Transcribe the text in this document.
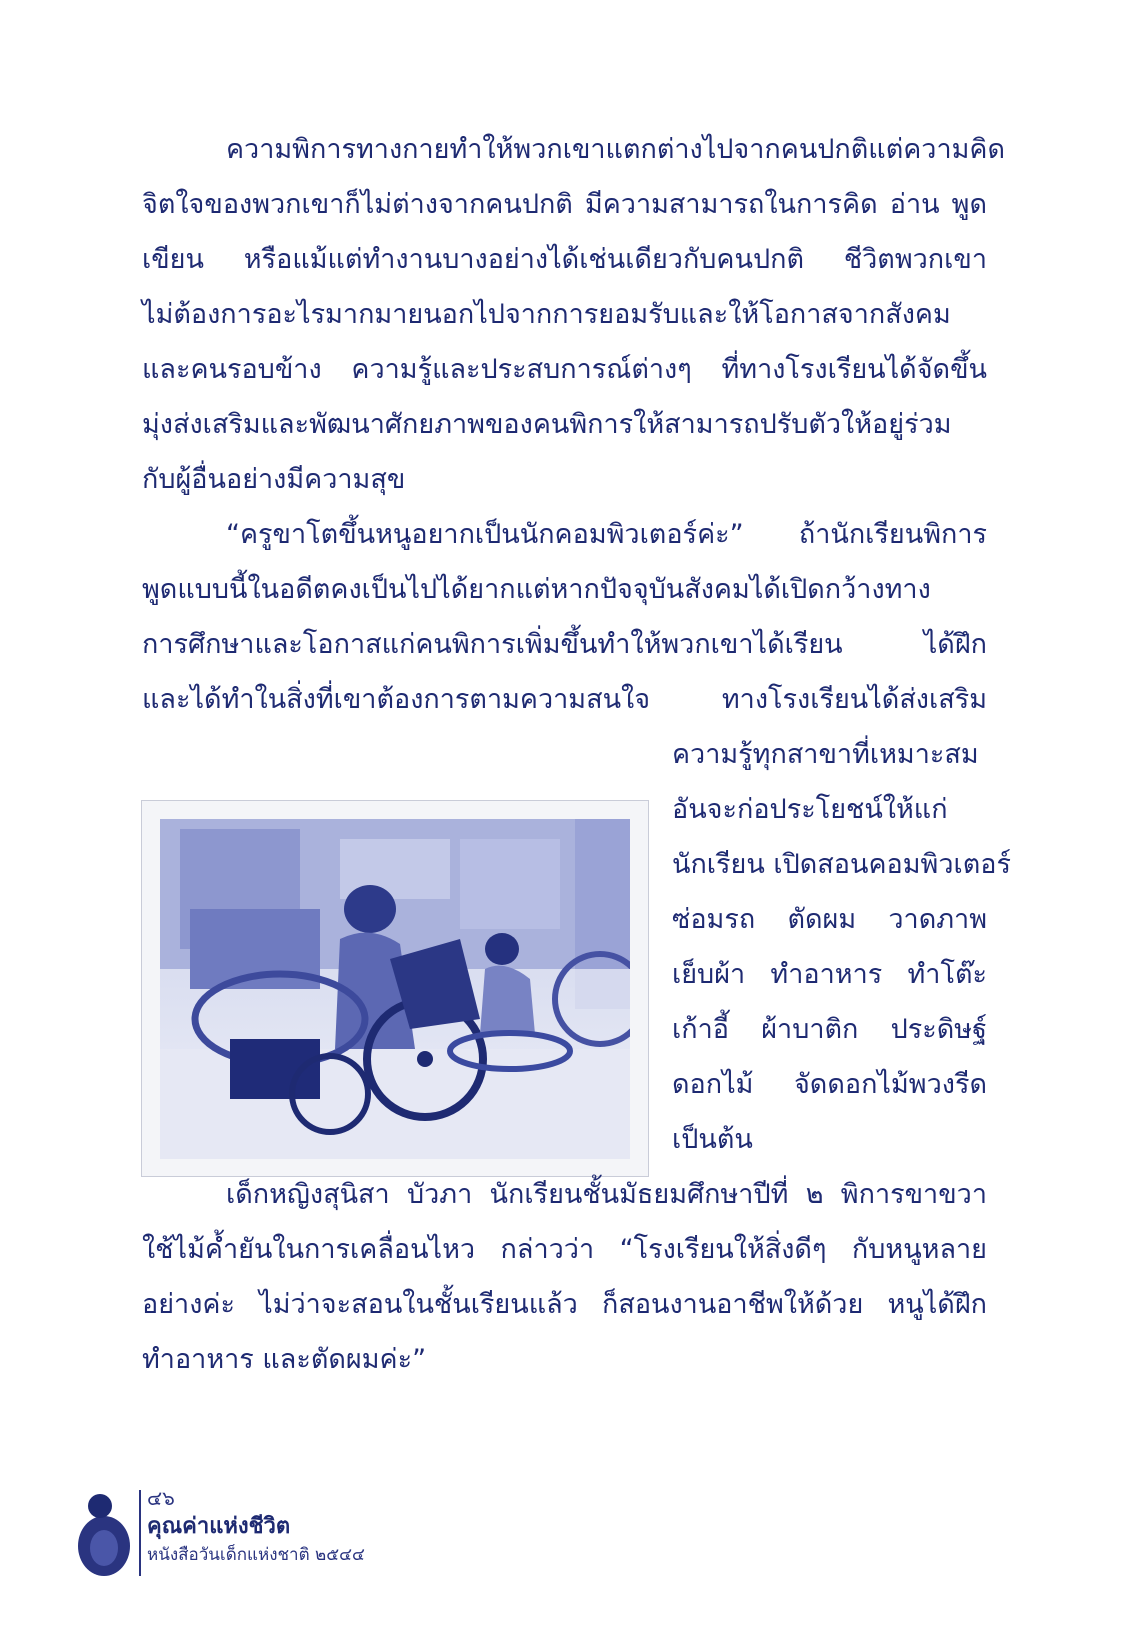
ความพิการทางกายทำให้พวกเขาแตกต่างไปจากคนปกติแต่ความคิด
จิตใจของพวกเขาก็ไม่ต่างจากคนปกติ มีความสามารถในการคิด อ่าน พูด
เขียน หรือแม้แต่ทำงานบางอย่างได้เช่นเดียวกับคนปกติ ชีวิตพวกเขา
ไม่ต้องการอะไรมากมายนอกไปจากการยอมรับและให้โอกาสจากสังคม
และคนรอบข้าง ความรู้และประสบการณ์ต่างๆ ที่ทางโรงเรียนได้จัดขึ้น
มุ่งส่งเสริมและพัฒนาศักยภาพของคนพิการให้สามารถปรับตัวให้อยู่ร่วม
กับผู้อื่นอย่างมีความสุข
“ครูขาโตขึ้นหนูอยากเป็นนักคอมพิวเตอร์ค่ะ” ถ้านักเรียนพิการ
พูดแบบนี้ในอดีตคงเป็นไปได้ยากแต่หากปัจจุบันสังคมได้เปิดกว้างทาง
การศึกษาและโอกาสแก่คนพิการเพิ่มขึ้นทำให้พวกเขาได้เรียน ได้ฝึก
และได้ทำในสิ่งที่เขาต้องการตามความสนใจ ทางโรงเรียนได้ส่งเสริม
ความรู้ทุกสาขาที่เหมาะสม
อันจะก่อประโยชน์ให้แก่
นักเรียน เปิดสอนคอมพิวเตอร์
ซ่อมรถ ตัดผม วาดภาพ
เย็บผ้า ทำอาหาร ทำโต๊ะ
เก้าอี้ ผ้าบาติก ประดิษฐ์
ดอกไม้ จัดดอกไม้พวงรีด
เป็นต้น
เด็กหญิงสุนิสา บัวภา นักเรียนชั้นมัธยมศึกษาปีที่ ๒ พิการขาขวา
ใช้ไม้ค้ำยันในการเคลื่อนไหว กล่าวว่า “โรงเรียนให้สิ่งดีๆ กับหนูหลาย
อย่างค่ะ ไม่ว่าจะสอนในชั้นเรียนแล้ว ก็สอนงานอาชีพให้ด้วย หนูได้ฝึก
ทำอาหาร และตัดผมค่ะ”
๔๖
คุณค่าแห่งชีวิต
หนังสือวันเด็กแห่งชาติ ๒๕๔๔
